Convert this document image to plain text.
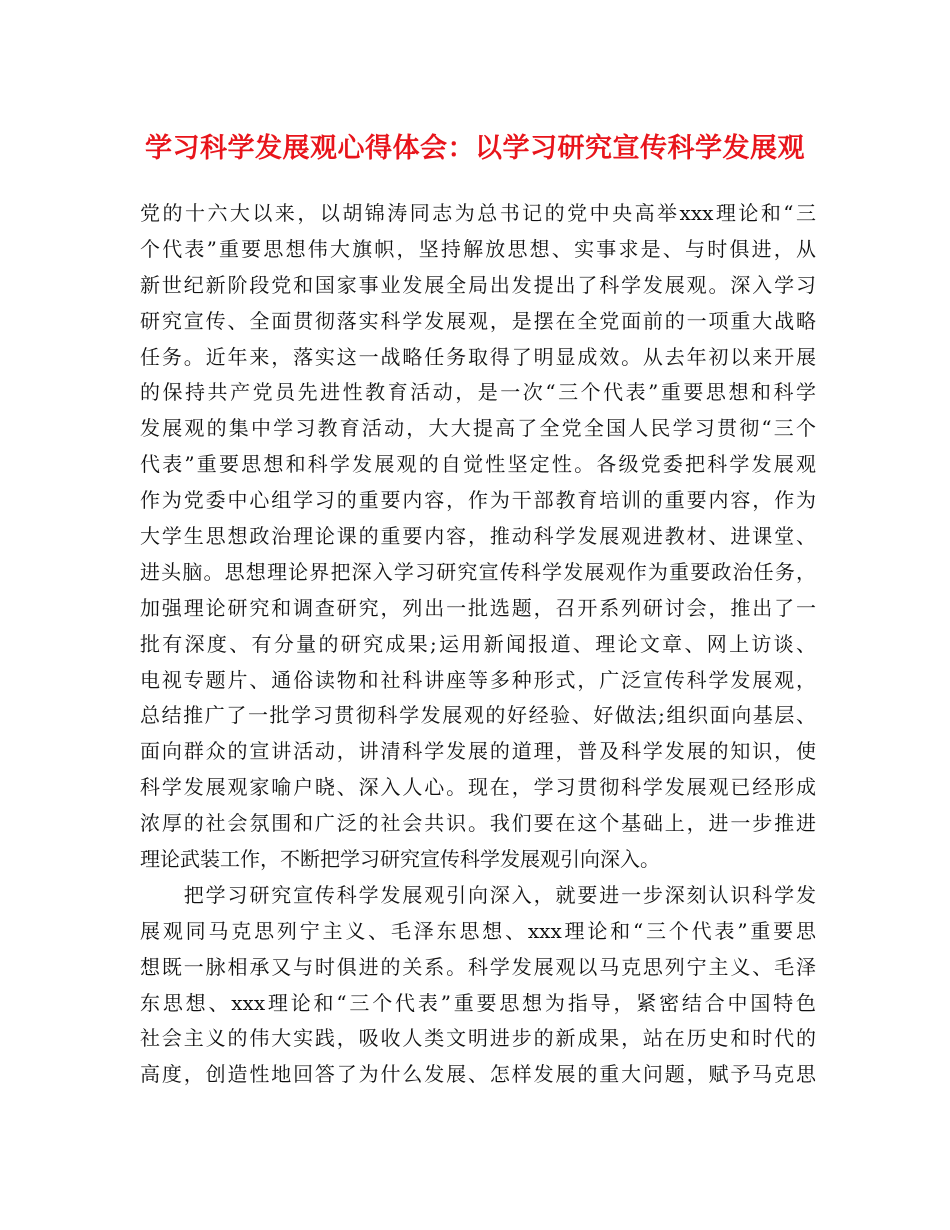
学习科学发展观心得体会：以学习研究宣传科学发展观
党的十六大以来，以胡锦涛同志为总书记的党中央高举xxx理论和“三
个代表”重要思想伟大旗帜，坚持解放思想、实事求是、与时俱进，从
新世纪新阶段党和国家事业发展全局出发提出了科学发展观。深入学习
研究宣传、全面贯彻落实科学发展观，是摆在全党面前的一项重大战略
任务。近年来，落实这一战略任务取得了明显成效。从去年初以来开展
的保持共产党员先进性教育活动，是一次“三个代表”重要思想和科学
发展观的集中学习教育活动，大大提高了全党全国人民学习贯彻“三个
代表”重要思想和科学发展观的自觉性坚定性。各级党委把科学发展观
作为党委中心组学习的重要内容，作为干部教育培训的重要内容，作为
大学生思想政治理论课的重要内容，推动科学发展观进教材、进课堂、
进头脑。思想理论界把深入学习研究宣传科学发展观作为重要政治任务，
加强理论研究和调查研究，列出一批选题，召开系列研讨会，推出了一
批有深度、有分量的研究成果;运用新闻报道、理论文章、网上访谈、
电视专题片、通俗读物和社科讲座等多种形式，广泛宣传科学发展观，
总结推广了一批学习贯彻科学发展观的好经验、好做法;组织面向基层、
面向群众的宣讲活动，讲清科学发展的道理，普及科学发展的知识，使
科学发展观家喻户晓、深入人心。现在，学习贯彻科学发展观已经形成
浓厚的社会氛围和广泛的社会共识。我们要在这个基础上，进一步推进
理论武装工作，不断把学习研究宣传科学发展观引向深入。
　　把学习研究宣传科学发展观引向深入，就要进一步深刻认识科学发
展观同马克思列宁主义、毛泽东思想、xxx理论和“三个代表”重要思
想既一脉相承又与时俱进的关系。科学发展观以马克思列宁主义、毛泽
东思想、xxx理论和“三个代表”重要思想为指导，紧密结合中国特色
社会主义的伟大实践，吸收人类文明进步的新成果，站在历史和时代的
高度，创造性地回答了为什么发展、怎样发展的重大问题，赋予马克思
